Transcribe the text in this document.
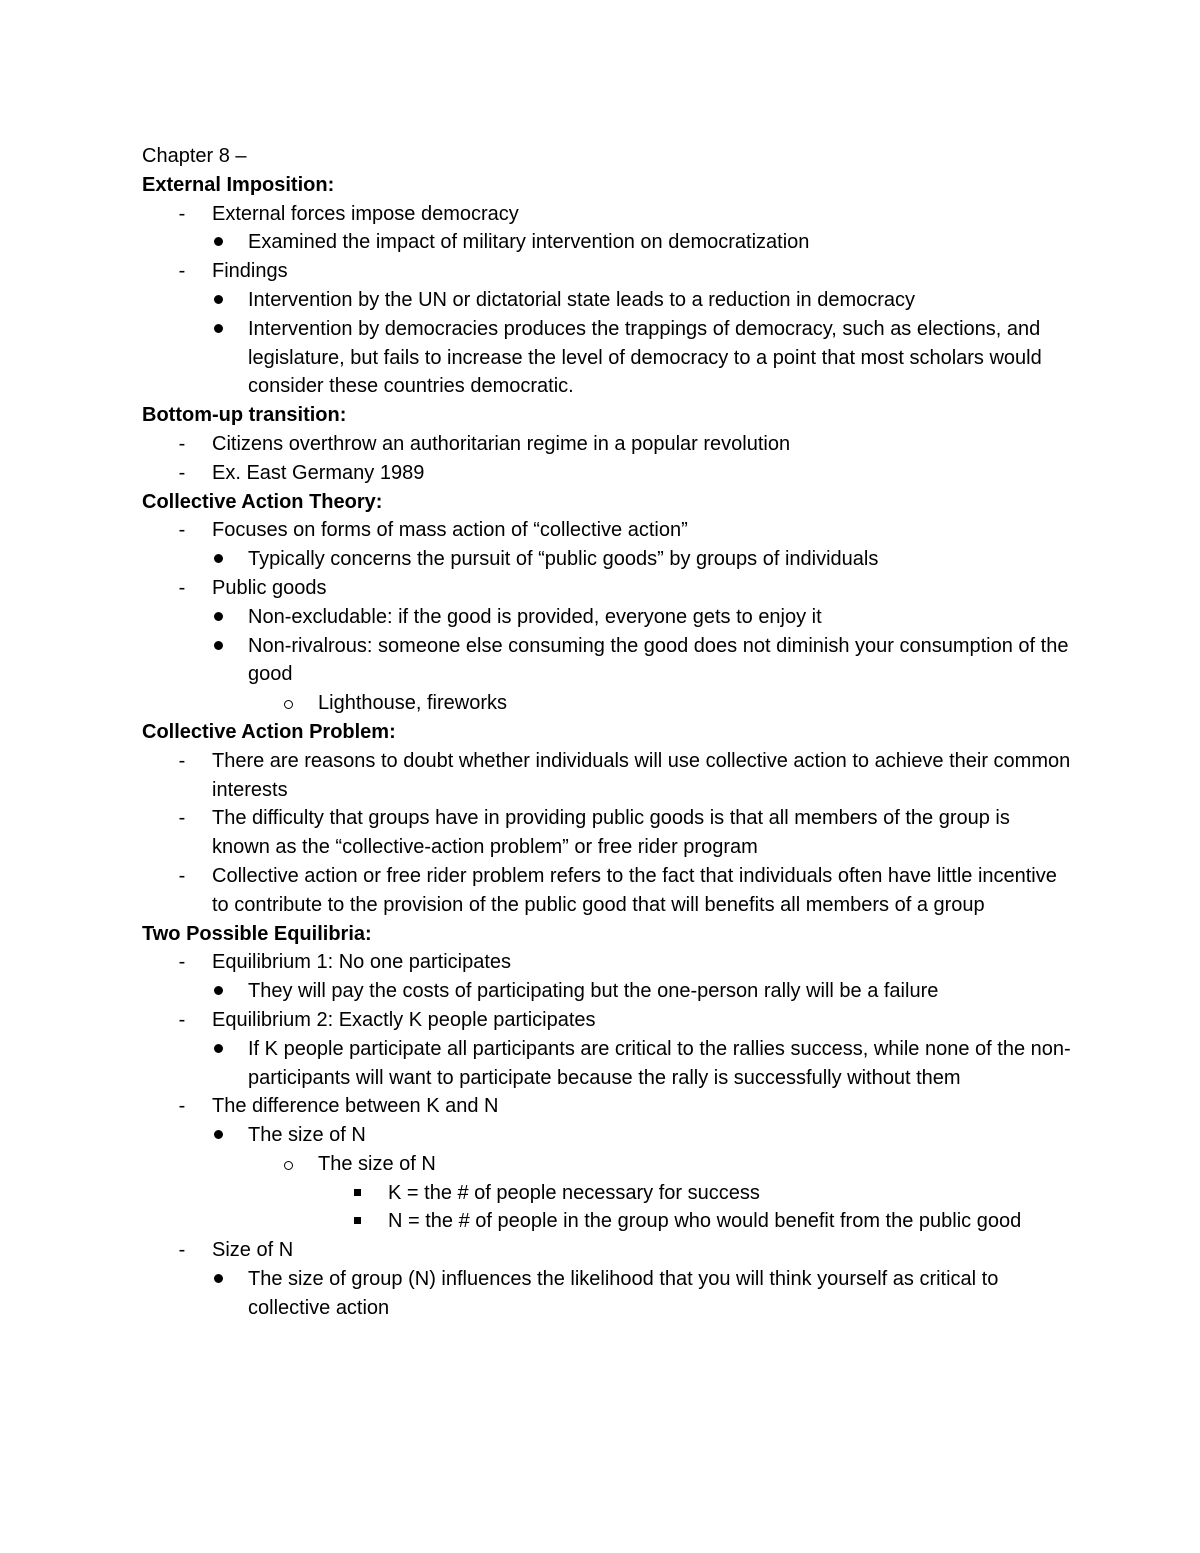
Chapter 8 –
External Imposition:
- External forces impose democracy
Examined the impact of military intervention on democratization
- Findings
Intervention by the UN or dictatorial state leads to a reduction in democracy
Intervention by democracies produces the trappings of democracy, such as elections, and legislature, but fails to increase the level of democracy to a point that most scholars would consider these countries democratic.
Bottom-up transition:
- Citizens overthrow an authoritarian regime in a popular revolution
- Ex. East Germany 1989
Collective Action Theory:
- Focuses on forms of mass action of “collective action”
Typically concerns the pursuit of “public goods” by groups of individuals
- Public goods
Non-excludable: if the good is provided, everyone gets to enjoy it
Non-rivalrous: someone else consuming the good does not diminish your consumption of the good
Lighthouse, fireworks
Collective Action Problem:
- There are reasons to doubt whether individuals will use collective action to achieve their common interests
- The difficulty that groups have in providing public goods is that all members of the group is known as the “collective-action problem” or free rider program
- Collective action or free rider problem refers to the fact that individuals often have little incentive to contribute to the provision of the public good that will benefits all members of a group
Two Possible Equilibria:
- Equilibrium 1: No one participates
They will pay the costs of participating but the one-person rally will be a failure
- Equilibrium 2: Exactly K people participates
If K people participate all participants are critical to the rallies success, while none of the non-participants will want to participate because the rally is successfully without them
- The difference between K and N
The size of N
The size of N
K = the # of people necessary for success
N = the # of people in the group who would benefit from the public good
- Size of N
The size of group (N) influences the likelihood that you will think yourself as critical to collective action
